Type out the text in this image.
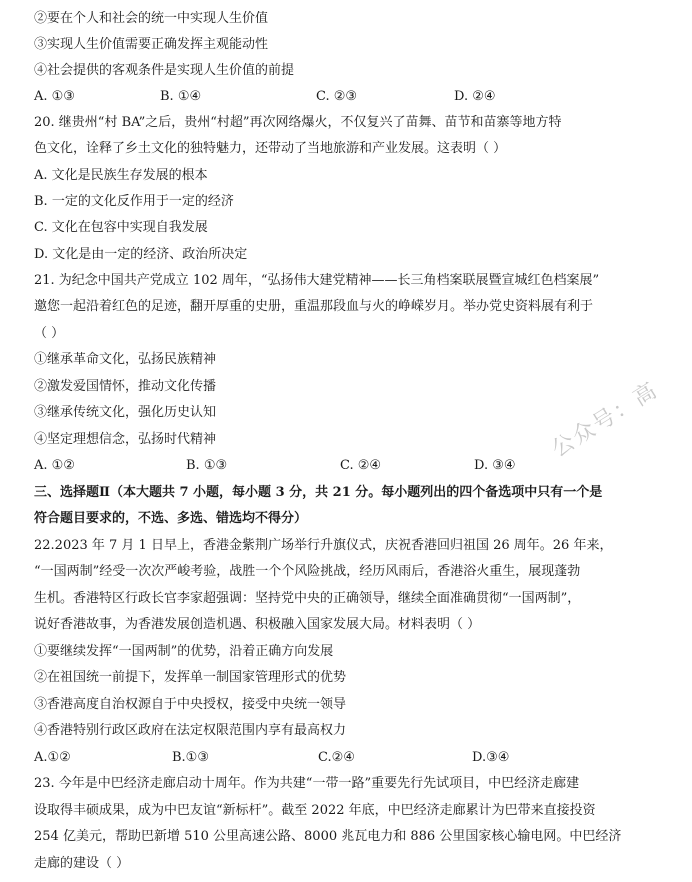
②要在个人和社会的统一中实现人生价值
③实现人生价值需要正确发挥主观能动性
④社会提供的客观条件是实现人生价值的前提
A. ①③	B. ①④	C. ②③	D. ②④
20. 继贵州“村 BA”之后，贵州“村超”再次网络爆火，不仅复兴了苗舞、苗节和苗寨等地方特
色文化，诠释了乡土文化的独特魅力，还带动了当地旅游和产业发展。这表明（ ）
A. 文化是民族生存发展的根本
B. 一定的文化反作用于一定的经济
C. 文化在包容中实现自我发展
D. 文化是由一定的经济、政治所决定
21. 为纪念中国共产党成立 102 周年，“弘扬伟大建党精神——长三角档案联展暨宣城红色档案展”
邀您一起沿着红色的足迹，翻开厚重的史册，重温那段血与火的峥嵘岁月。举办党史资料展有利于
（ ）
①继承革命文化，弘扬民族精神
②激发爱国情怀，推动文化传播
③继承传统文化，强化历史认知
④坚定理想信念，弘扬时代精神
A. ①②	B. ①③	C. ②④	D. ③④
三、选择题Ⅱ（本大题共 7 小题，每小题 3 分，共 21 分。每小题列出的四个备选项中只有一个是
符合题目要求的，不选、多选、错选均不得分）
22.2023 年 7 月 1 日早上，香港金紫荆广场举行升旗仪式，庆祝香港回归祖国 26 周年。26 年来，
“一国两制”经受一次次严峻考验，战胜一个个风险挑战，经历风雨后，香港浴火重生，展现蓬勃
生机。香港特区行政长官李家超强调：坚持党中央的正确领导，继续全面准确贯彻“一国两制”，
说好香港故事，为香港发展创造机遇、积极融入国家发展大局。材料表明（ ）
①要继续发挥“一国两制”的优势，沿着正确方向发展
②在祖国统一前提下，发挥单一制国家管理形式的优势
③香港高度自治权源自于中央授权，接受中央统一领导
④香港特别行政区政府在法定权限范围内享有最高权力
A.①②	B.①③	C.②④	D.③④
23. 今年是中巴经济走廊启动十周年。作为共建“一带一路”重要先行先试项目，中巴经济走廊建
设取得丰硕成果，成为中巴友谊“新标杆”。截至 2022 年底，中巴经济走廊累计为巴带来直接投资
254 亿美元，帮助巴新增 510 公里高速公路、8000 兆瓦电力和 886 公里国家核心输电网。中巴经济
走廊的建设（ ）
公众号：高
